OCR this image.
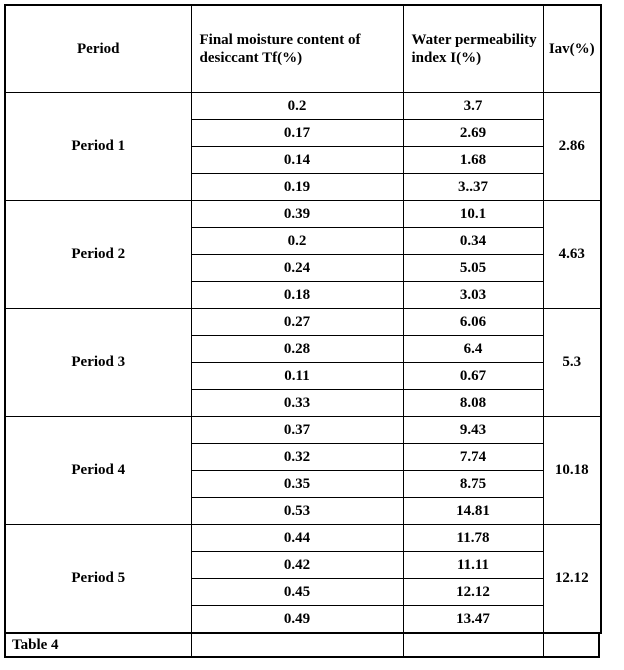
Period	Final moisture content of desiccant Tf(%)	Water permeability index I(%)	Iav(%)
Period 1	0.2	3.7	2.86
	0.17	2.69	
	0.14	1.68	
	0.19	3..37	
Period 2	0.39	10.1	4.63
	0.2	0.34	
	0.24	5.05	
	0.18	3.03	
Period 3	0.27	6.06	5.3
	0.28	6.4	
	0.11	0.67	
	0.33	8.08	
Period 4	0.37	9.43	10.18
	0.32	7.74	
	0.35	8.75	
	0.53	14.81	
Period 5	0.44	11.78	12.12
	0.42	11.11	
	0.45	12.12	
	0.49	13.47	
Table 4
